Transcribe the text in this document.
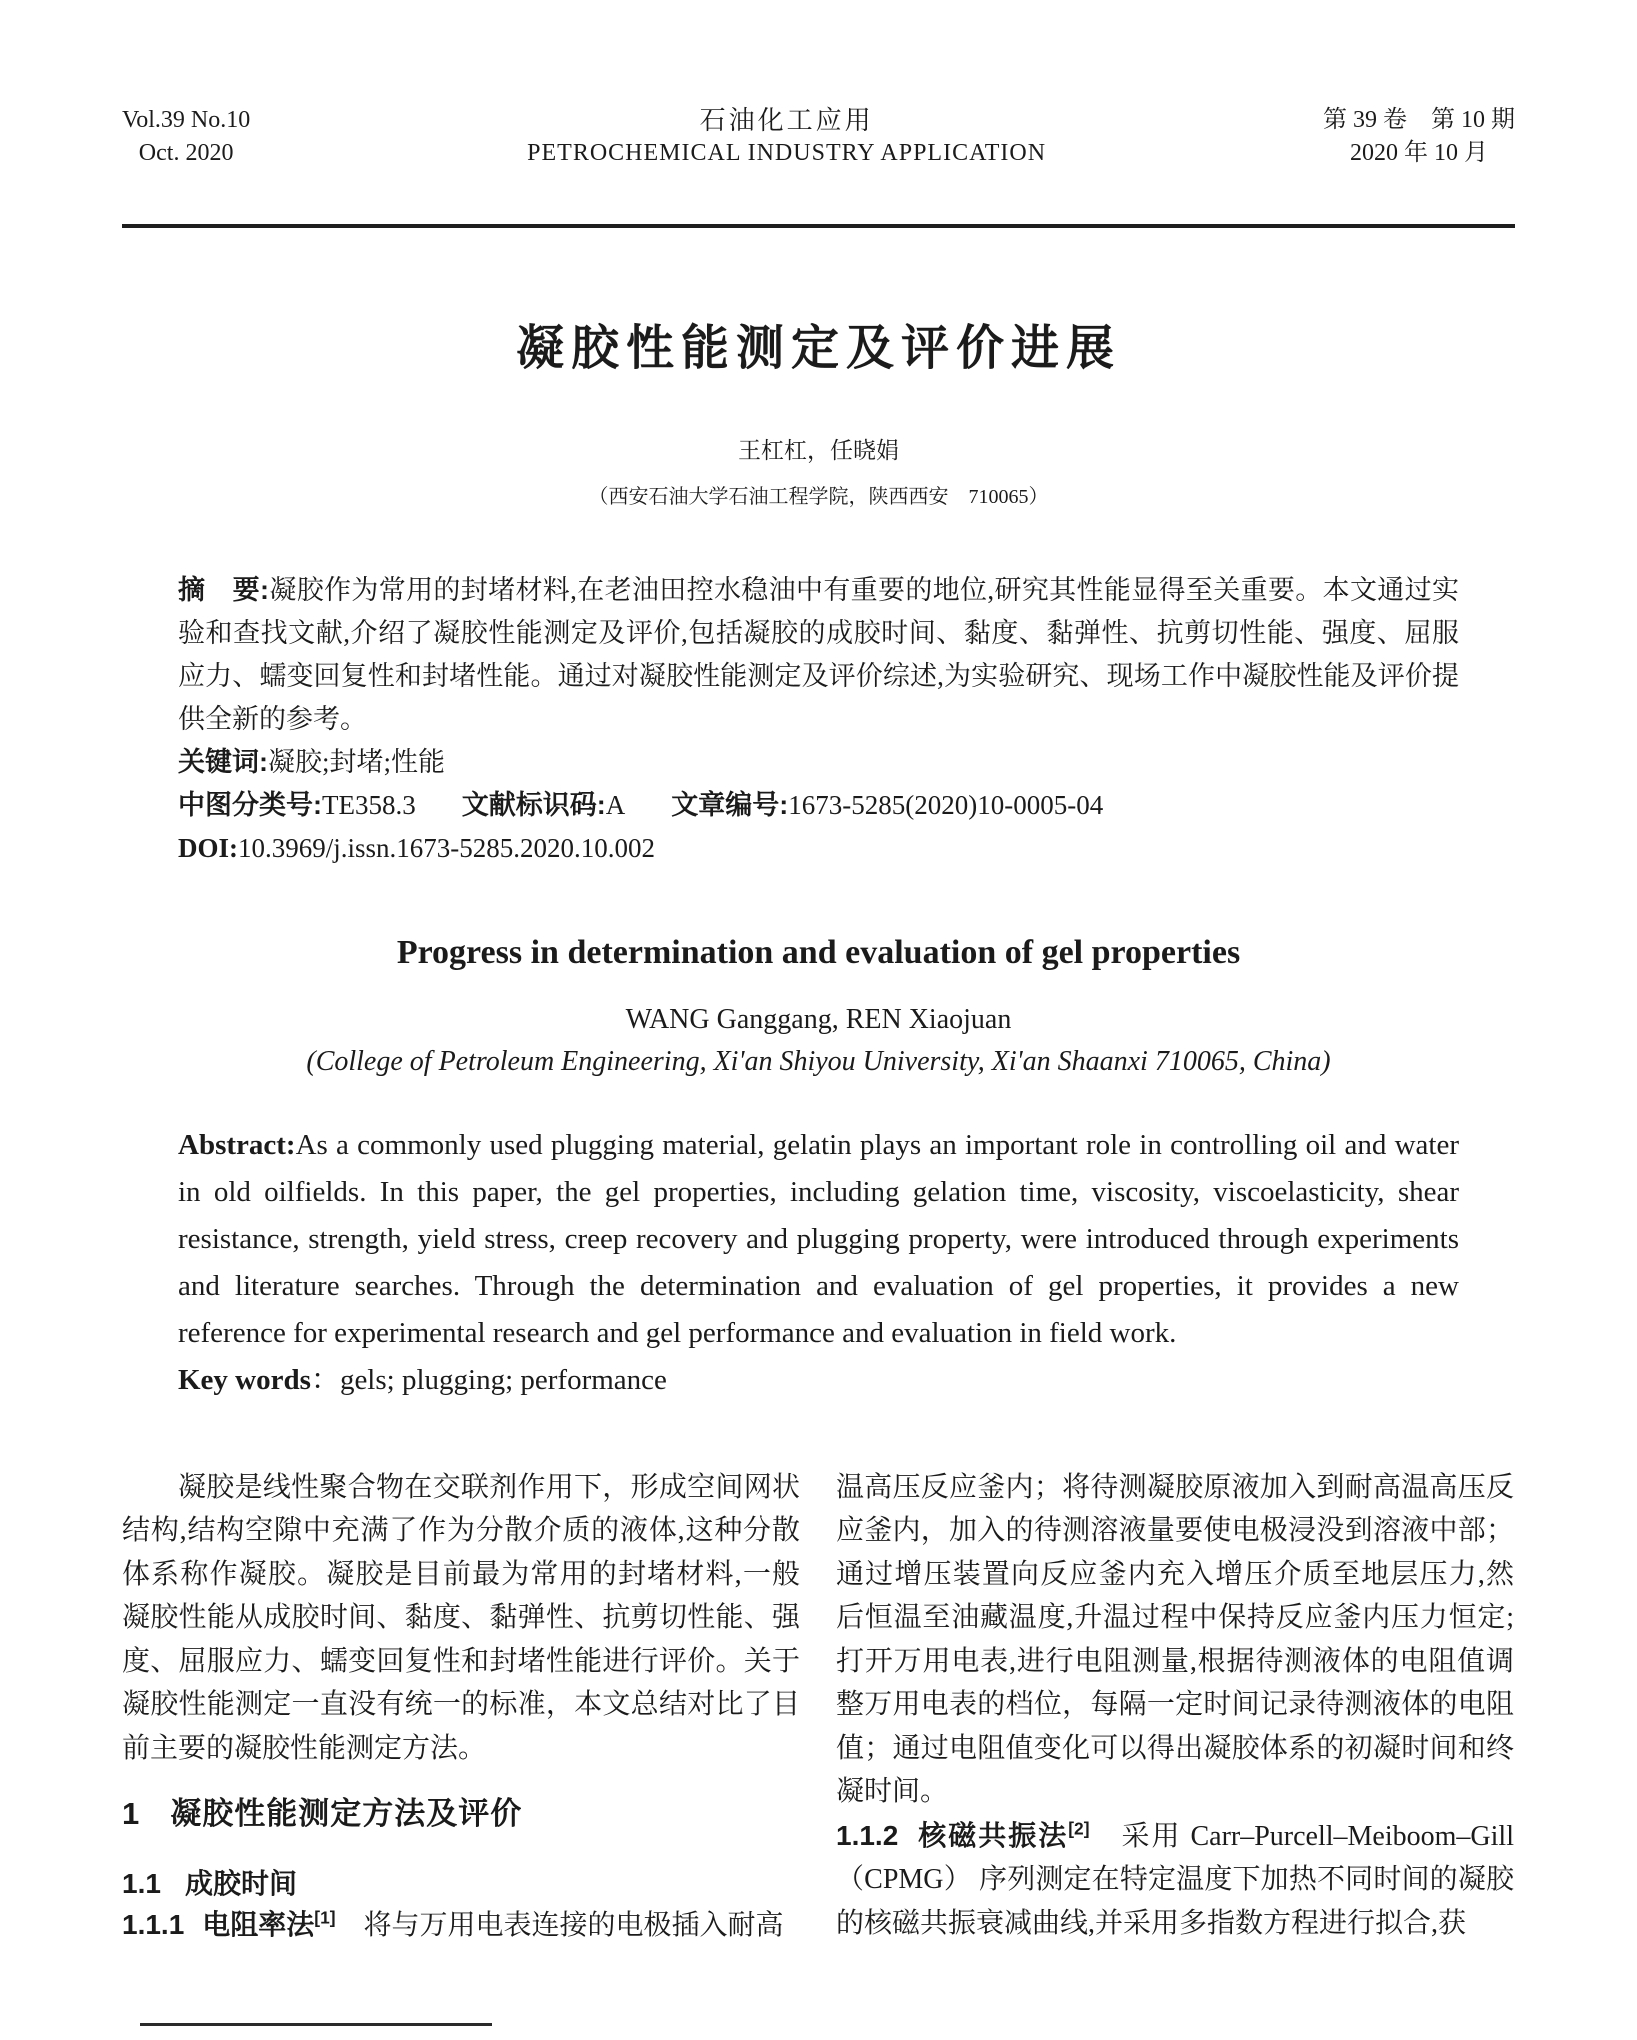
Vol.39 No.10
Oct. 2020
石油化工应用
PETROCHEMICAL INDUSTRY APPLICATION
第 39 卷　第 10 期
2020 年 10 月
凝胶性能测定及评价进展
王杠杠，任晓娟
（西安石油大学石油工程学院，陕西西安　710065）

摘　要:凝胶作为常用的封堵材料,在老油田控水稳油中有重要的地位,研究其性能显得至关重要。本文通过实验和查找文献,介绍了凝胶性能测定及评价,包括凝胶的成胶时间、黏度、黏弹性、抗剪切性能、强度、屈服应力、蠕变回复性和封堵性能。通过对凝胶性能测定及评价综述,为实验研究、现场工作中凝胶性能及评价提供全新的参考。

关键词:凝胶;封堵;性能

中图分类号:TE358.3 文献标识码:A 文章编号:1673-5285(2020)10-0005-04

DOI:10.3969/j.issn.1673-5285.2020.10.002

Progress in determination and evaluation of gel properties
WANG Ganggang, REN Xiaojuan
(College of Petroleum Engineering, Xi'an Shiyou University, Xi'an Shaanxi 710065, China)

Abstract:As a commonly used plugging material, gelatin plays an important role in controlling oil and water in old oilfields. In this paper, the gel properties, including gelation time, viscosity, viscoelasticity, shear resistance, strength, yield stress, creep recovery and plugging property, were introduced through experiments and literature searches. Through the determination and evaluation of gel properties, it provides a new reference for experimental research and gel performance and evaluation in field work.

Key words：gels; plugging; performance

凝胶是线性聚合物在交联剂作用下，形成空间网状结构,结构空隙中充满了作为分散介质的液体,这种分散体系称作凝胶。凝胶是目前最为常用的封堵材料,一般凝胶性能从成胶时间、黏度、黏弹性、抗剪切性能、强度、屈服应力、蠕变回复性和封堵性能进行评价。关于凝胶性能测定一直没有统一的标准，本文总结对比了目前主要的凝胶性能测定方法。

1 凝胶性能测定方法及评价
1.1 成胶时间

1.1.1 电阻率法[1]　将与万用电表连接的电极插入耐高

温高压反应釜内；将待测凝胶原液加入到耐高温高压反应釜内，加入的待测溶液量要使电极浸没到溶液中部；通过增压装置向反应釜内充入增压介质至地层压力,然后恒温至油藏温度,升温过程中保持反应釜内压力恒定;打开万用电表,进行电阻测量,根据待测液体的电阻值调整万用电表的档位，每隔一定时间记录待测液体的电阻值；通过电阻值变化可以得出凝胶体系的初凝时间和终凝时间。

1.1.2 核磁共振法[2]　采用 Carr–Purcell–Meiboom–Gill（CPMG） 序列测定在特定温度下加热不同时间的凝胶的核磁共振衰减曲线,并采用多指数方程进行拟合,获
